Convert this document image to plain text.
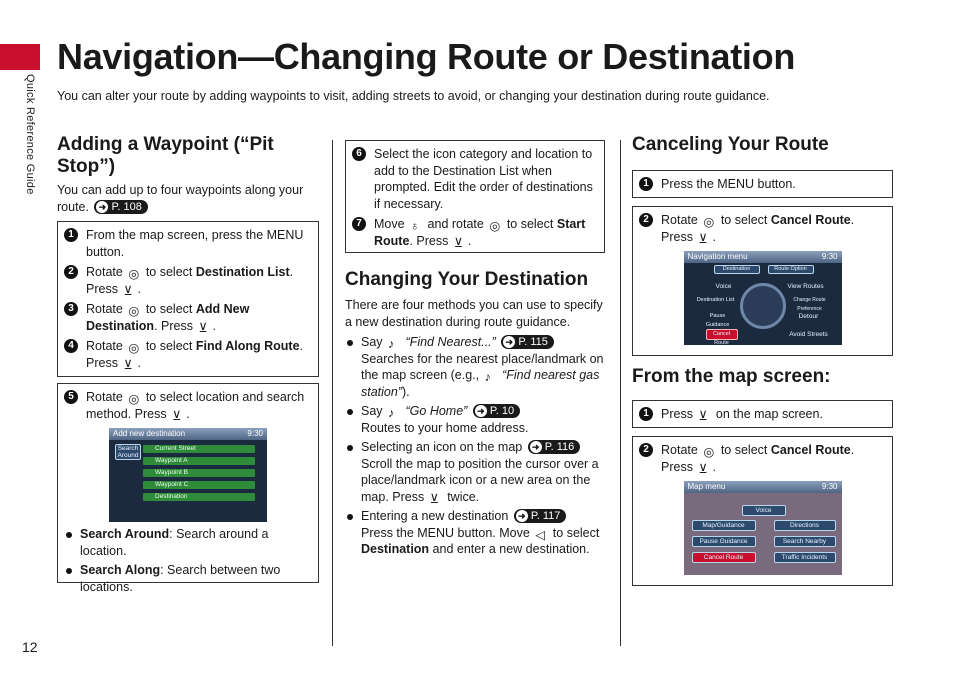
Quick Reference Guide
Navigation—Changing Route or Destination

You can alter your route by adding waypoints to visit, adding streets to avoid, or changing your destination during route guidance.

Adding a Waypoint (“Pit Stop”)

You can add up to four waypoints along your route. ➜ P. 108

1 From the map screen, press the MENU button.
2 Rotate ◎ to select Destination List. Press ⊻ .
3 Rotate ◎ to select Add New Destination. Press ⊻ .
4 Rotate ◎ to select Find Along Route. Press ⊻ .
5 Rotate ◎ to select location and search method. Press ⊻ .
Add new destination	9:30
Search Around
Current Street
Waypoint A
Waypoint B
Waypoint C
Destination
Search Around: Search around a location.
Search Along: Search between two locations.
6 Select the icon category and location to add to the Destination List when prompted. Edit the order of destinations if necessary.
7 Move ♁ and rotate ◎ to select Start Route. Press ⊻ .
Changing Your Destination

There are four methods you can use to specify a new destination during route guidance.

Say ♪ “Find Nearest...” ➜ P. 115

Searches for the nearest place/landmark on the map screen (e.g., ♪ “Find nearest gas station”).
Say ♪ “Go Home” ➜ P. 10

Routes to your home address.
Selecting an icon on the map ➜ P. 116

Scroll the map to position the cursor over a place/landmark icon or a new area on the map. Press ⊻ twice.
Entering a new destination ➜ P. 117

Press the MENU button. Move ◁ to select Destination and enter a new destination.
Canceling Your Route
1 Press the MENU button.
2 Rotate ◎ to select Cancel Route. Press ⊻ .
Navigation menu	9:30
Destination	Route Option
Voice
Destination List
Pause Guidance
Cancel Route
View Routes
Change Route Preference
Detour
Avoid Streets
From the map screen:
1 Press ⊻ on the map screen.
2 Rotate ◎ to select Cancel Route. Press ⊻ .
Map menu	9:30
Voice
Map/Guidance	Directions
Pause Guidance	Search Nearby
Cancel Route	Traffic Incidents
12
